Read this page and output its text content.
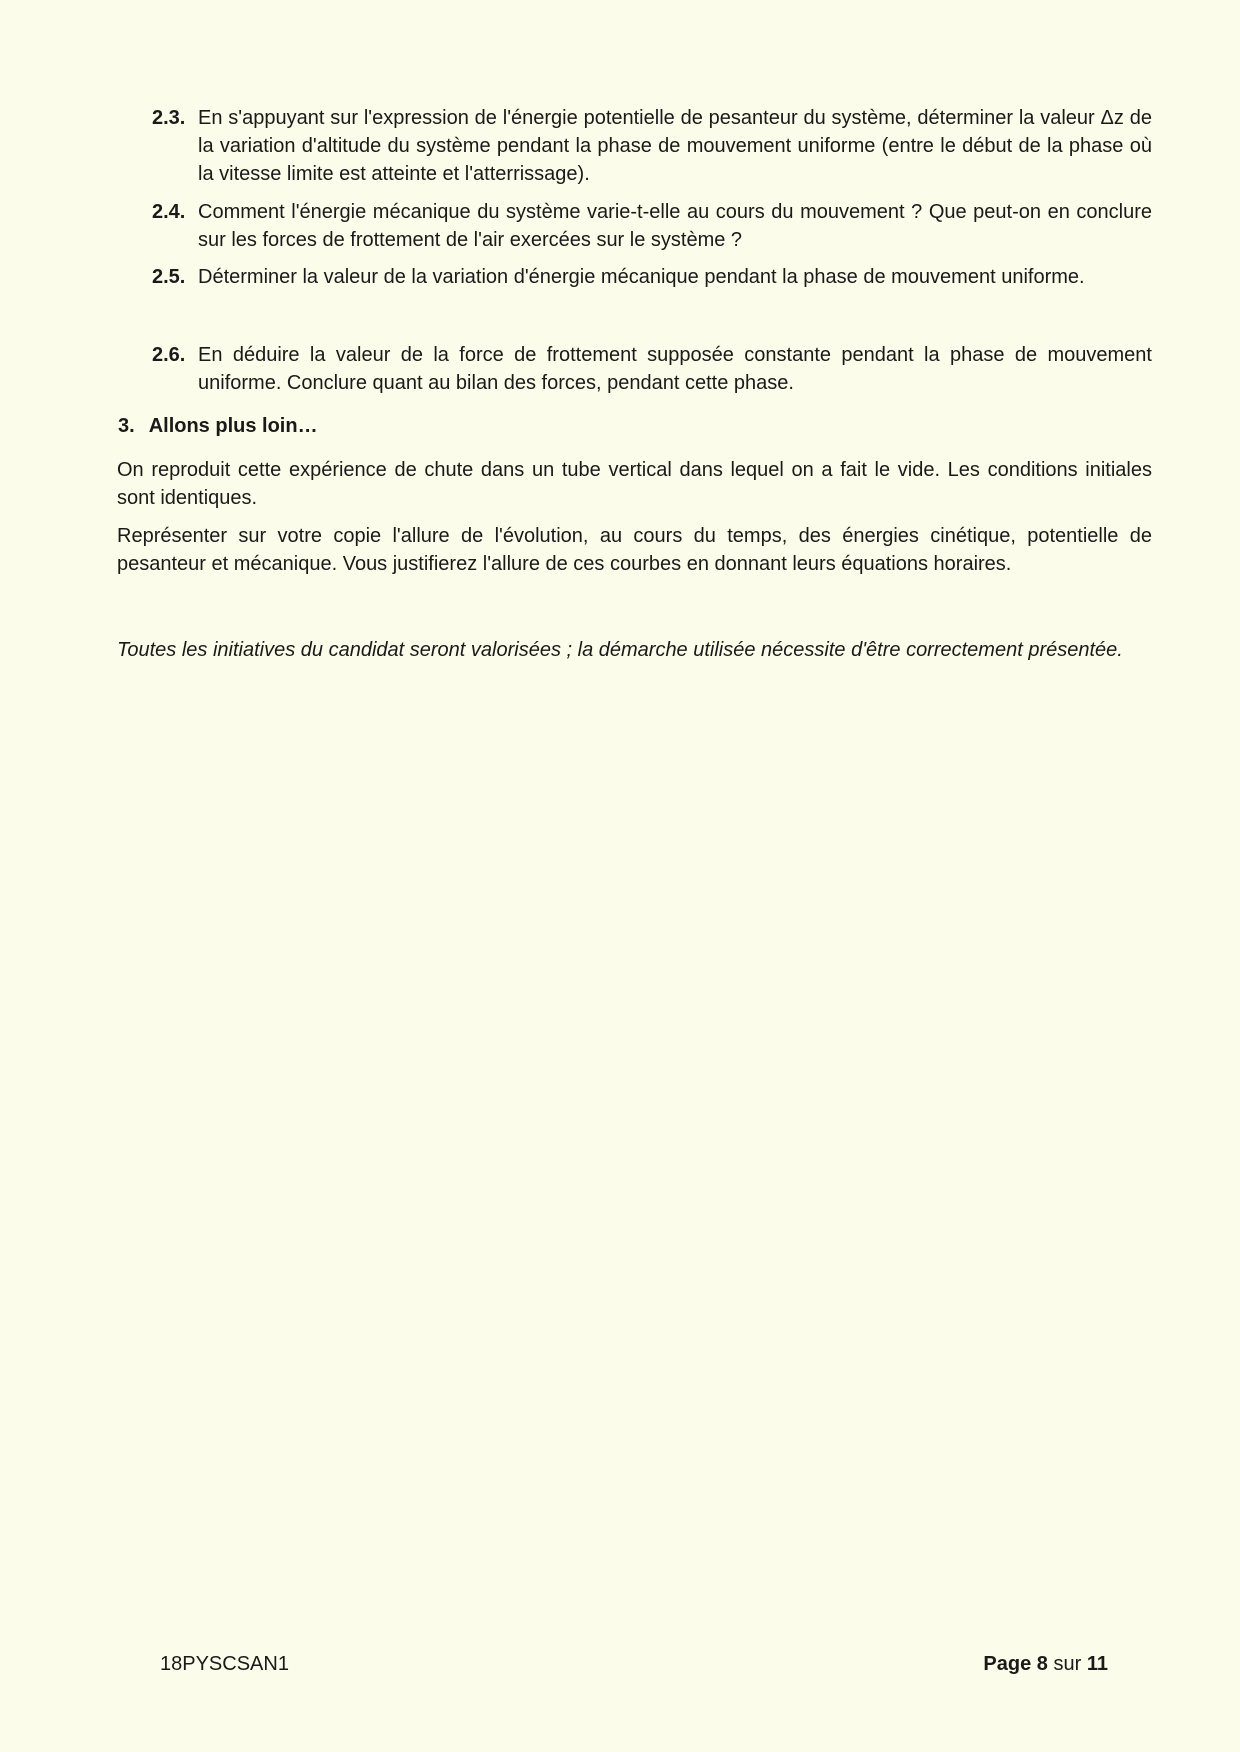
2.3. En s'appuyant sur l'expression de l'énergie potentielle de pesanteur du système, déterminer la valeur Δz de la variation d'altitude du système pendant la phase de mouvement uniforme (entre le début de la phase où la vitesse limite est atteinte et l'atterrissage).
2.4. Comment l'énergie mécanique du système varie-t-elle au cours du mouvement ? Que peut-on en conclure sur les forces de frottement de l'air exercées sur le système ?
2.5. Déterminer la valeur de la variation d'énergie mécanique pendant la phase de mouvement uniforme.
2.6. En déduire la valeur de la force de frottement supposée constante pendant la phase de mouvement uniforme. Conclure quant au bilan des forces, pendant cette phase.
3. Allons plus loin…
On reproduit cette expérience de chute dans un tube vertical dans lequel on a fait le vide. Les conditions initiales sont identiques.
Représenter sur votre copie l'allure de l'évolution, au cours du temps, des énergies cinétique, potentielle de pesanteur et mécanique. Vous justifierez l'allure de ces courbes en donnant leurs équations horaires.
Toutes les initiatives du candidat seront valorisées ; la démarche utilisée nécessite d'être correctement présentée.
18PYSCSAN1	Page 8 sur 11
